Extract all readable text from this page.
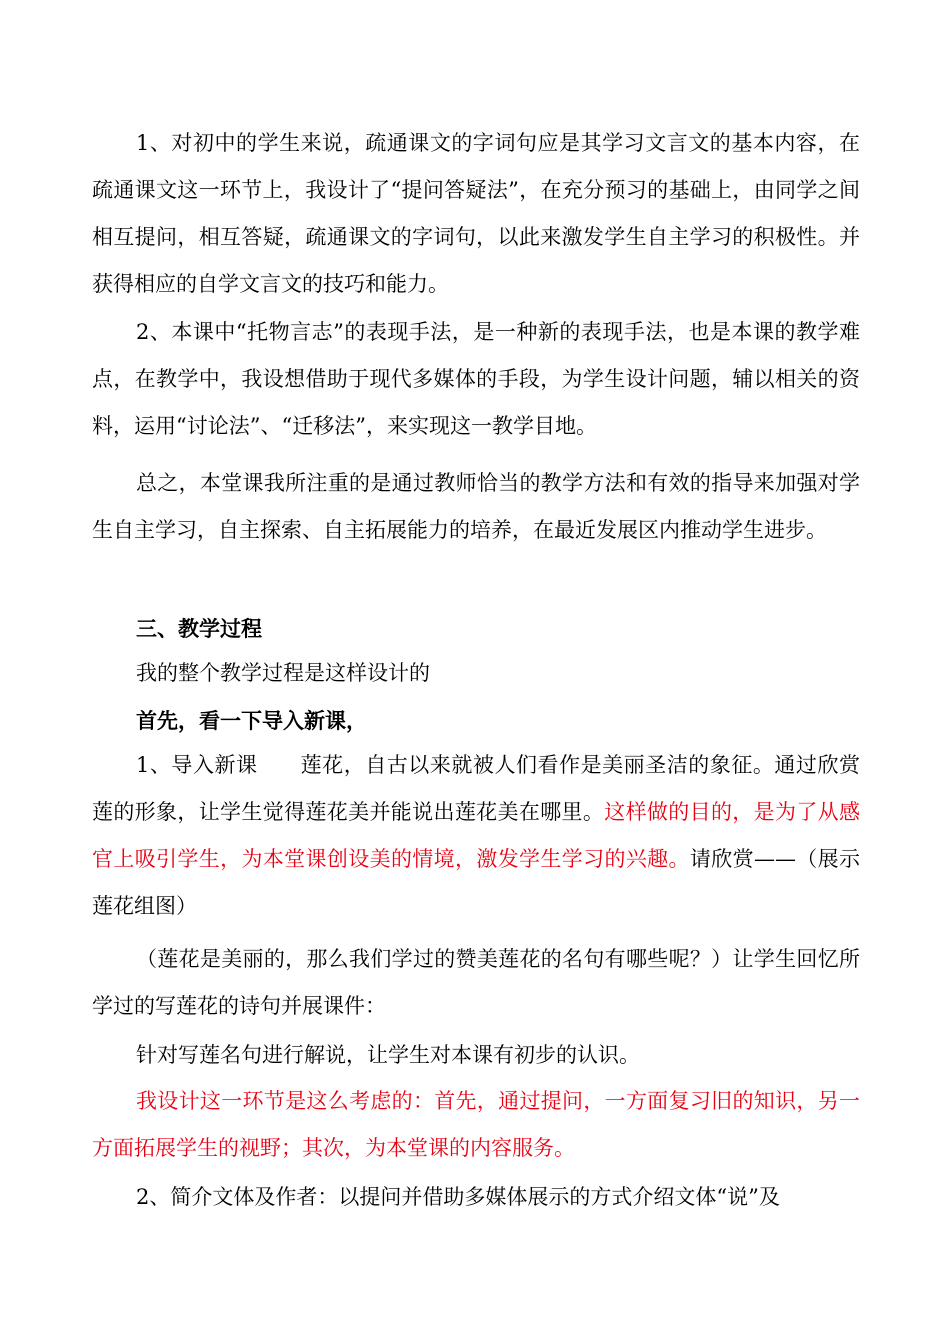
1、对初中的学生来说，疏通课文的字词句应是其学习文言文的基本内容，在疏通课文这一环节上，我设计了“提问答疑法”，在充分预习的基础上，由同学之间相互提问，相互答疑，疏通课文的字词句，以此来激发学生自主学习的积极性。并获得相应的自学文言文的技巧和能力。

2、本课中“托物言志”的表现手法，是一种新的表现手法，也是本课的教学难点，在教学中，我设想借助于现代多媒体的手段，为学生设计问题，辅以相关的资料，运用“讨论法”、“迁移法”，来实现这一教学目地。

总之，本堂课我所注重的是通过教师恰当的教学方法和有效的指导来加强对学生自主学习，自主探索、自主拓展能力的培养，在最近发展区内推动学生进步。

三、教学过程

我的整个教学过程是这样设计的

首先，看一下导入新课，

1、导入新课　　莲花，自古以来就被人们看作是美丽圣洁的象征。通过欣赏莲的形象，让学生觉得莲花美并能说出莲花美在哪里。这样做的目的，是为了从感官上吸引学生，为本堂课创设美的情境，激发学生学习的兴趣。请欣赏——（展示莲花组图）

（莲花是美丽的，那么我们学过的赞美莲花的名句有哪些呢？）让学生回忆所学过的写莲花的诗句并展课件：

针对写莲名句进行解说，让学生对本课有初步的认识。

我设计这一环节是这么考虑的：首先，通过提问，一方面复习旧的知识，另一方面拓展学生的视野；其次，为本堂课的内容服务。

2、简介文体及作者：以提问并借助多媒体展示的方式介绍文体“说”及
